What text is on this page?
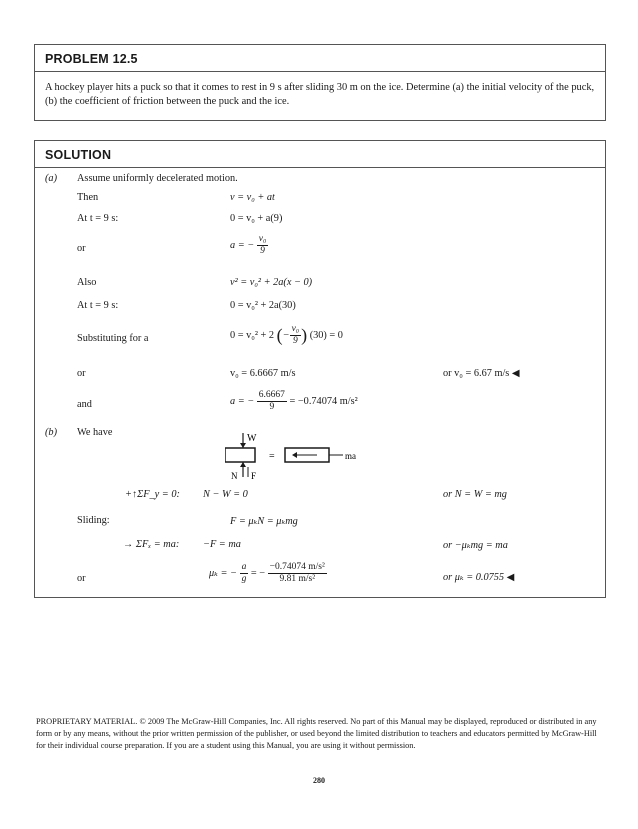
PROBLEM 12.5
A hockey player hits a puck so that it comes to rest in 9 s after sliding 30 m on the ice. Determine (a) the initial velocity of the puck, (b) the coefficient of friction between the puck and the ice.
SOLUTION
(a) Assume uniformly decelerated motion.
Then	v = v₀ + at
At t = 9 s:	0 = v₀ + a(9)
or	a = − $\frac{\text{v₀}}{9}$
Also	v² = v₀² + 2a(x − 0)
At t = 9 s:	0 = v₀² + 2a(30)
Substituting for a	0 = v₀² + 2 (− $\frac{\text{v₀}}{9}$ ) (30) = 0
or	v₀ = 6.6667 m/s	or v₀ = 6.67 m/s ◀
and	a = − $\frac{6.6667}{9} = -0.74074$ m/s²
(b) We have
W
N F
=	ma
+↑ΣF_y = 0: N − W = 0	or N = W = mg
Sliding:	F = μₖN = μₖmg
→ ΣFₓ = ma: −F = ma	or −μₖmg = ma
or	μₖ = − $\frac{a}{g}$ = − $\frac{\text{−0.74074 m/s²}}{\text{9.81 m/s²}}$	or μₖ = 0.0755 ◀
PROPRIETARY MATERIAL. © 2009 The McGraw-Hill Companies, Inc. All rights reserved. No part of this Manual may be displayed, reproduced or distributed in any form or by any means, without the prior written permission of the publisher, or used beyond the limited distribution to teachers and educators permitted by McGraw-Hill for their individual course preparation. If you are a student using this Manual, you are using it without permission.
280
